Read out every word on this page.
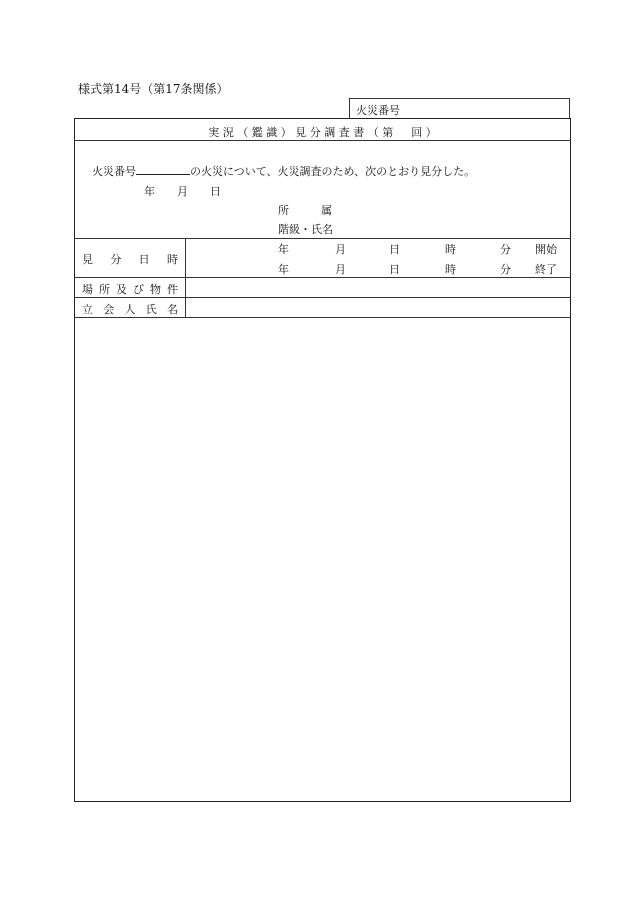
様式第14号（第17条関係）
火災番号
実 況 （ 鑑 識 ） 見 分 調 査 書 （ 第 　 回 ）
火災番号	の火災について、火災調査のため、次のとおり見分した。
年 月 日
所	属
階級・氏名
見 分 日 時
年	月	日	時	分 開始
年	月	日	時	分 終了
場 所 及 び 物 件
立 会 人 氏 名
